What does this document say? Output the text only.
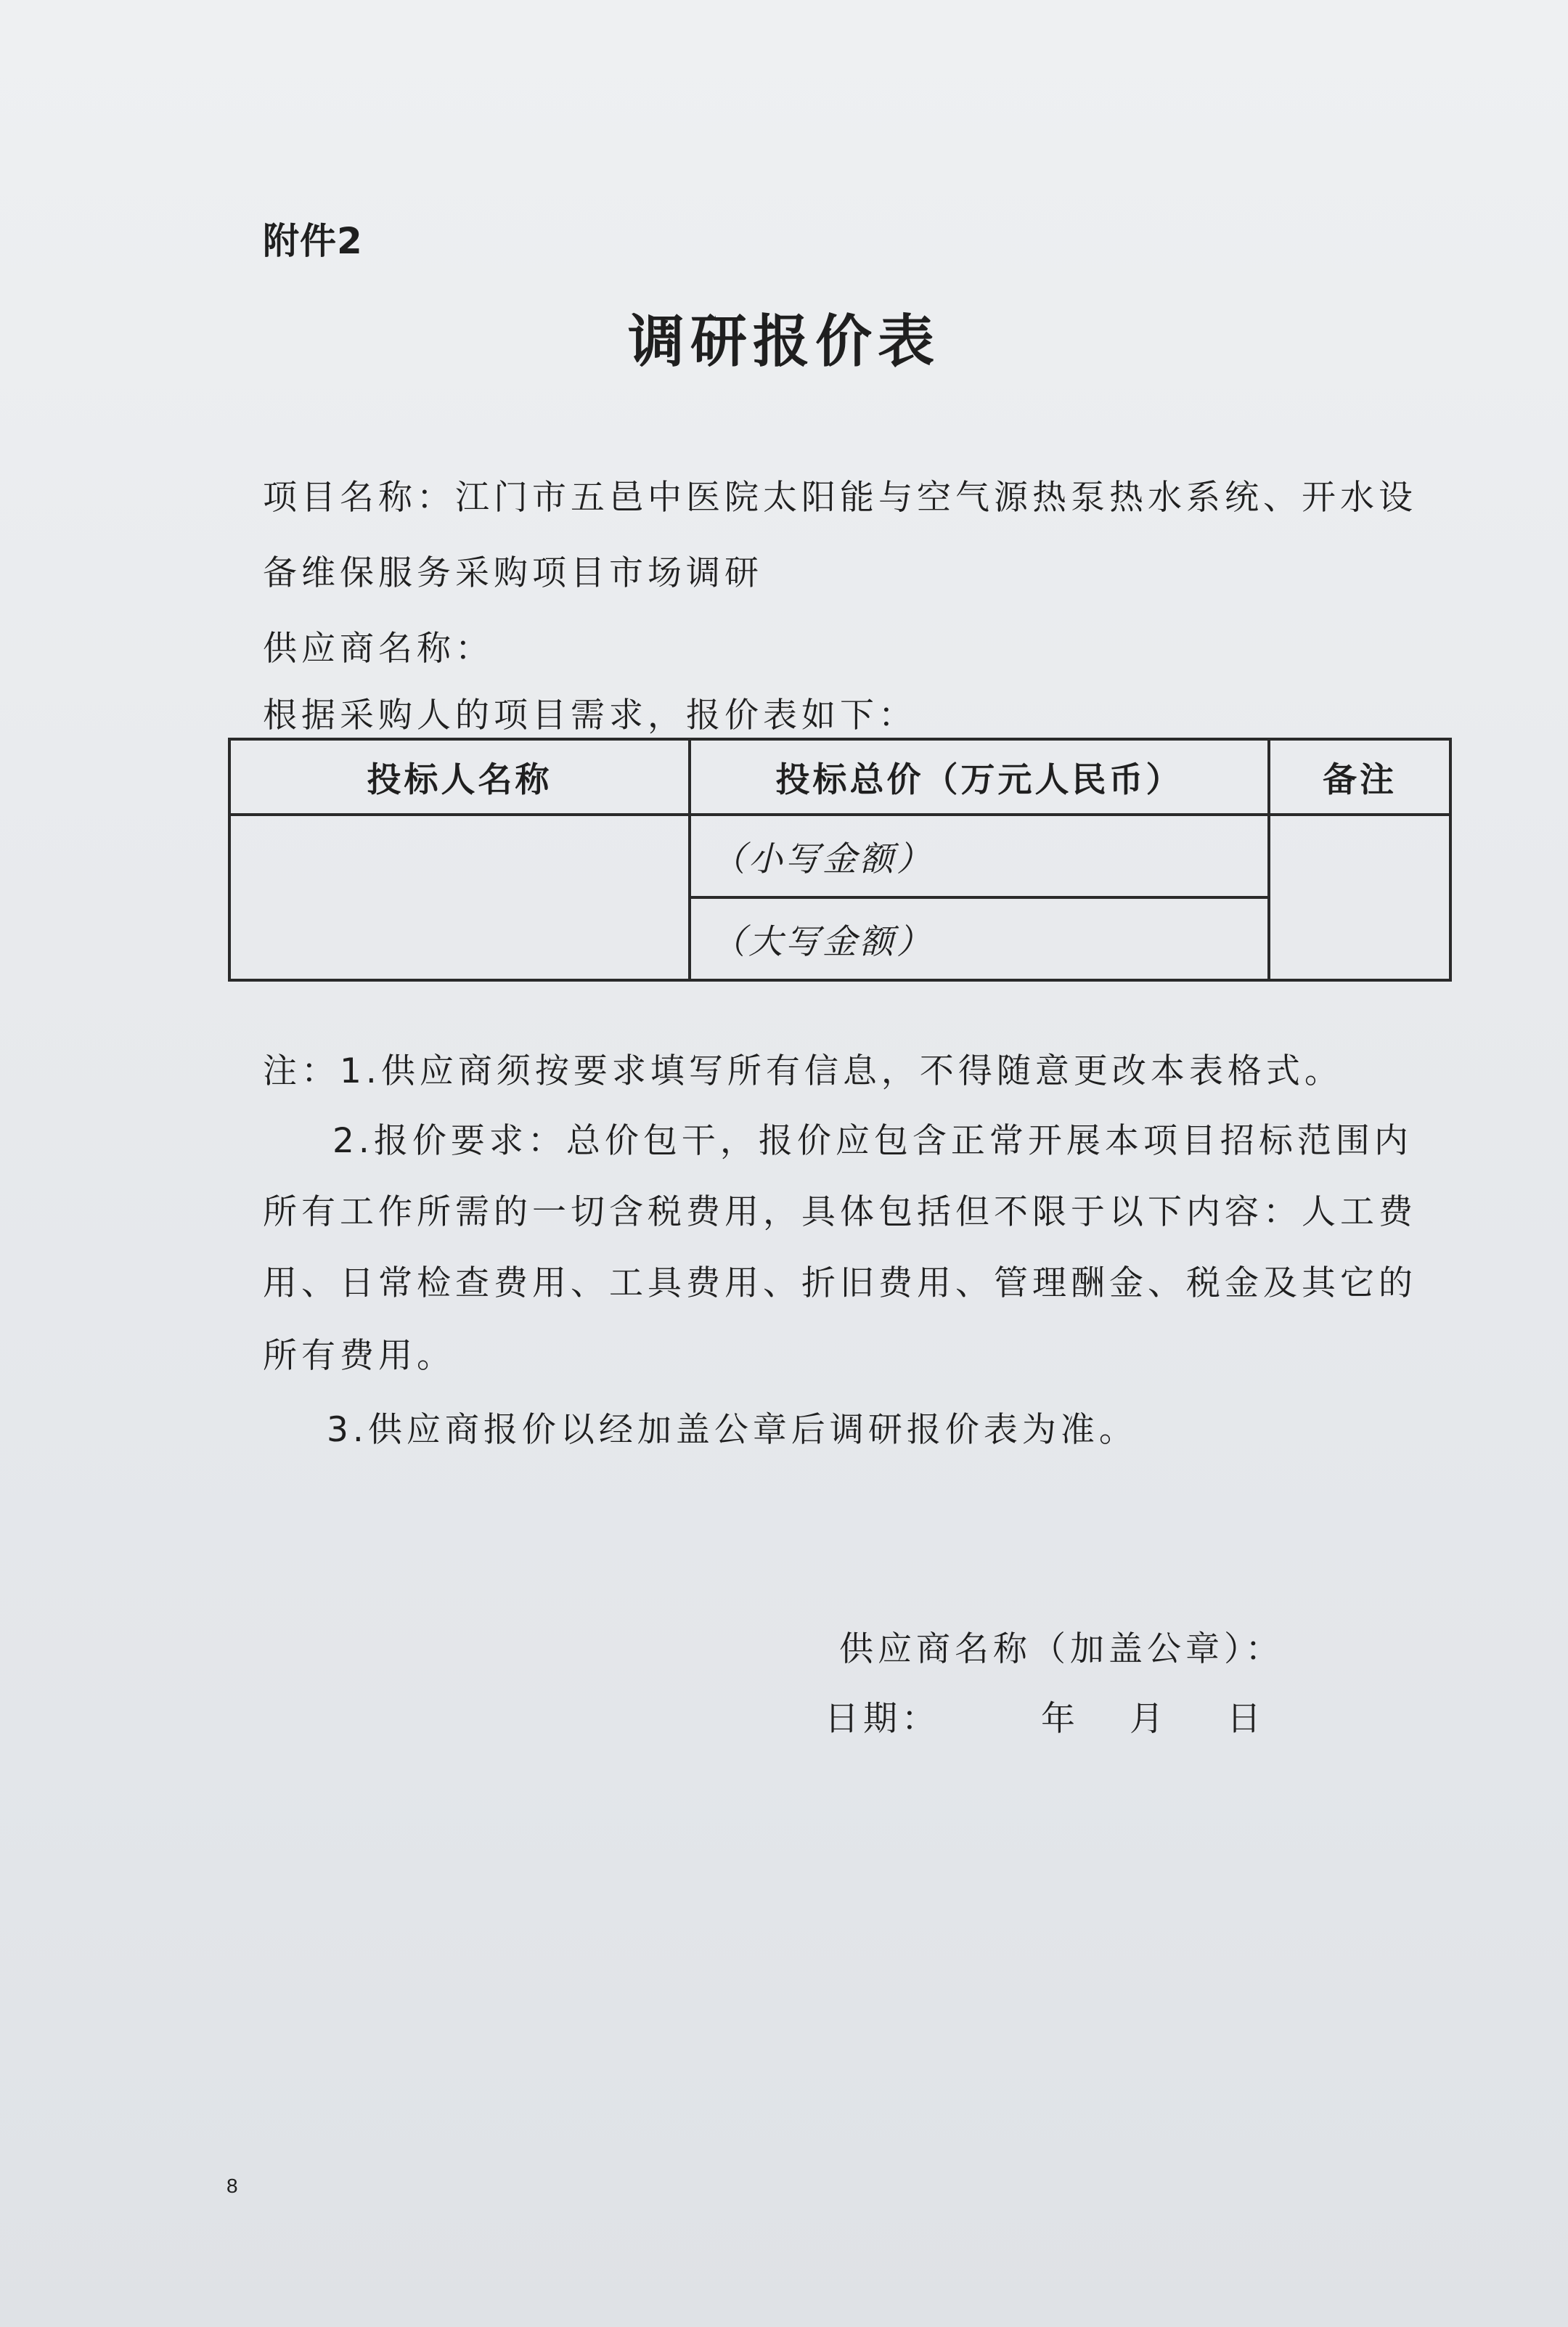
附件2
调研报价表
项目名称：江门市五邑中医院太阳能与空气源热泵热水系统、开水设
备维保服务采购项目市场调研
供应商名称：
根据采购人的项目需求，报价表如下：
投标人名称	投标总价（万元人民币）	备注
	（小写金额）	
	（大写金额）	
注：1.供应商须按要求填写所有信息，不得随意更改本表格式。
2.报价要求：总价包干，报价应包含正常开展本项目招标范围内
所有工作所需的一切含税费用，具体包括但不限于以下内容：人工费
用、日常检查费用、工具费用、折旧费用、管理酬金、税金及其它的
所有费用。
3.供应商报价以经加盖公章后调研报价表为准。
供应商名称（加盖公章）：
日期：	年 月 日
8
